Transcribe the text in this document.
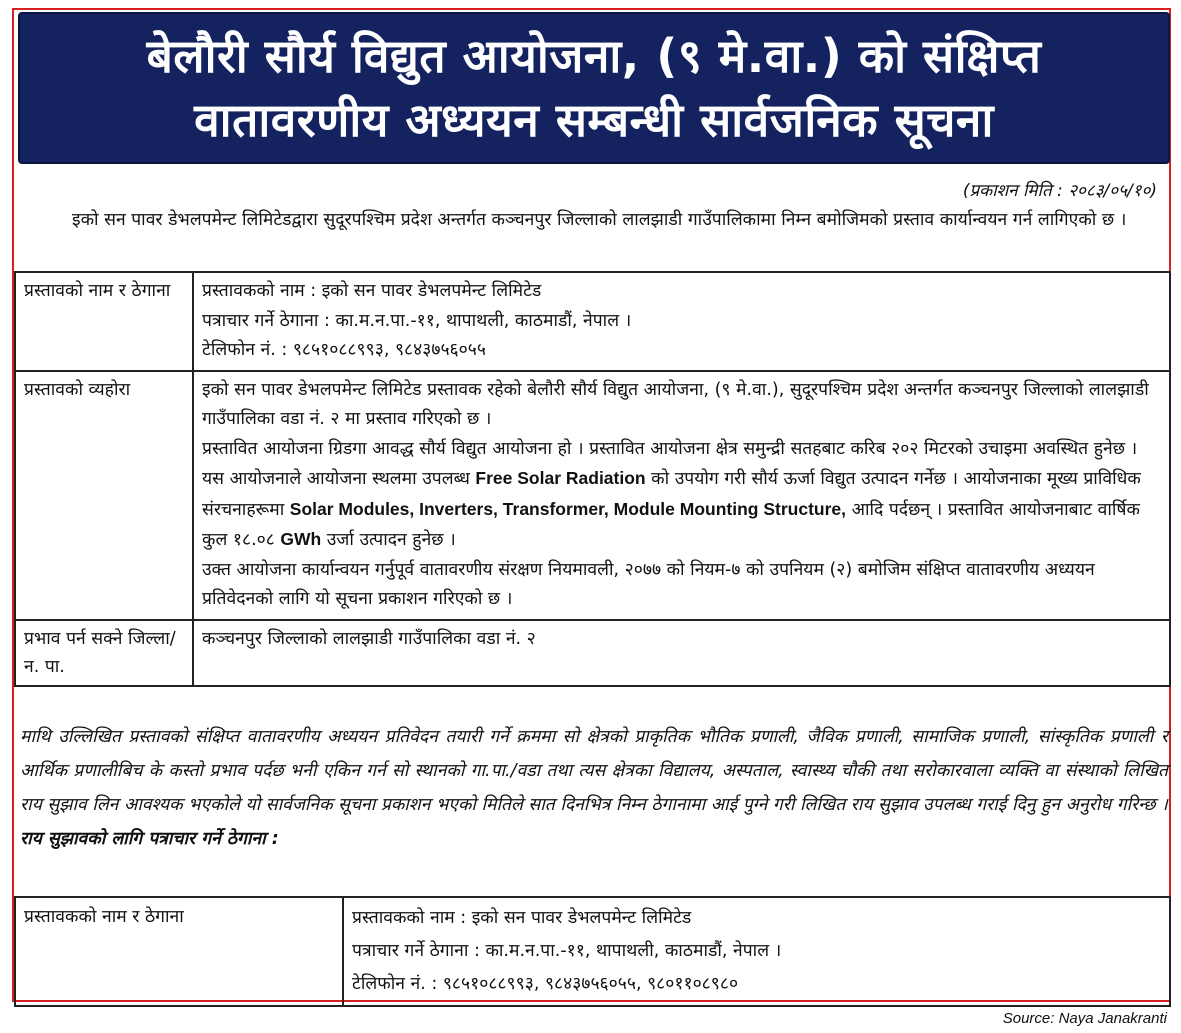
बेलौरी सौर्य विद्युत आयोजना, (९ मे.वा.) को संक्षिप्त
वातावरणीय अध्ययन सम्बन्धी सार्वजनिक सूचना
(प्रकाशन मिति : २०८३/०५/१०)
इको सन पावर डेभलपमेन्ट लिमिटेडद्वारा सुदूरपश्चिम प्रदेश अन्तर्गत कञ्चनपुर जिल्लाको लालझाडी गाउँपालिकामा निम्न बमोजिमको प्रस्ताव कार्यान्वयन गर्न लागिएको छ ।
प्रस्तावको नाम र ठेगाना	प्रस्तावकको नाम : इको सन पावर डेभलपमेन्ट लिमिटेड

पत्राचार गर्ने ठेगाना : का.म.न.पा.-११, थापाथली, काठमाडौं, नेपाल ।

टेलिफोन नं. : ९८५१०८८९९३, ९८४३७५६०५५

प्रस्तावको व्यहोरा	इको सन पावर डेभलपमेन्ट लिमिटेड प्रस्तावक रहेको बेलौरी सौर्य विद्युत आयोजना, (९ मे.वा.), सुदूरपश्चिम प्रदेश अन्तर्गत कञ्चनपुर जिल्लाको लालझाडी गाउँपालिका वडा नं. २ मा प्रस्ताव गरिएको छ ।

प्रस्तावित आयोजना ग्रिडगा आवद्ध सौर्य विद्युत आयोजना हो । प्रस्तावित आयोजना क्षेत्र समुन्द्री सतहबाट करिब २०२ मिटरको उचाइमा अवस्थित हुनेछ । यस आयोजनाले आयोजना स्थलमा उपलब्ध Free Solar Radiation को उपयोग गरी सौर्य ऊर्जा विद्युत उत्पादन गर्नेछ । आयोजनाका मूख्य प्राविधिक संरचनाहरूमा Solar Modules, Inverters, Transformer, Module Mounting Structure, आदि पर्दछन् । प्रस्तावित आयोजनाबाट वार्षिक कुल १८.०८ GWh उर्जा उत्पादन हुनेछ ।

उक्त आयोजना कार्यान्वयन गर्नुपूर्व वातावरणीय संरक्षण नियमावली, २०७७ को नियम-७ को उपनियम (२) बमोजिम संक्षिप्त वातावरणीय अध्ययन प्रतिवेदनको लागि यो सूचना प्रकाशन गरिएको छ ।

प्रभाव पर्न सक्ने जिल्ला/ न. पा.	कञ्चनपुर जिल्लाको लालझाडी गाउँपालिका वडा नं. २

माथि उल्लिखित प्रस्तावको संक्षिप्त वातावरणीय अध्ययन प्रतिवेदन तयारी गर्ने क्रममा सो क्षेत्रको प्राकृतिक भौतिक प्रणाली, जैविक प्रणाली, सामाजिक प्रणाली, सांस्कृतिक प्रणाली र आर्थिक प्रणालीबिच के कस्तो प्रभाव पर्दछ भनी एकिन गर्न सो स्थानको गा.पा./वडा तथा त्यस क्षेत्रका विद्यालय, अस्पताल, स्वास्थ्य चौकी तथा सरोकारवाला व्यक्ति वा संस्थाको लिखित राय सुझाव लिन आवश्यक भएकोले यो सार्वजनिक सूचना प्रकाशन भएको मितिले सात दिनभित्र निम्न ठेगानामा आई पुग्ने गरी लिखित राय सुझाव उपलब्ध गराई दिनु हुन अनुरोध गरिन्छ ।

राय सुझावको लागि पत्राचार गर्ने ठेगाना :

प्रस्तावकको नाम र ठेगाना	प्रस्तावकको नाम : इको सन पावर डेभलपमेन्ट लिमिटेड

पत्राचार गर्ने ठेगाना : का.म.न.पा.-११, थापाथली, काठमाडौं, नेपाल ।

टेलिफोन नं. : ९८५१०८८९९३, ९८४३७५६०५५, ९८०११०८९८०

Source: Naya Janakranti
